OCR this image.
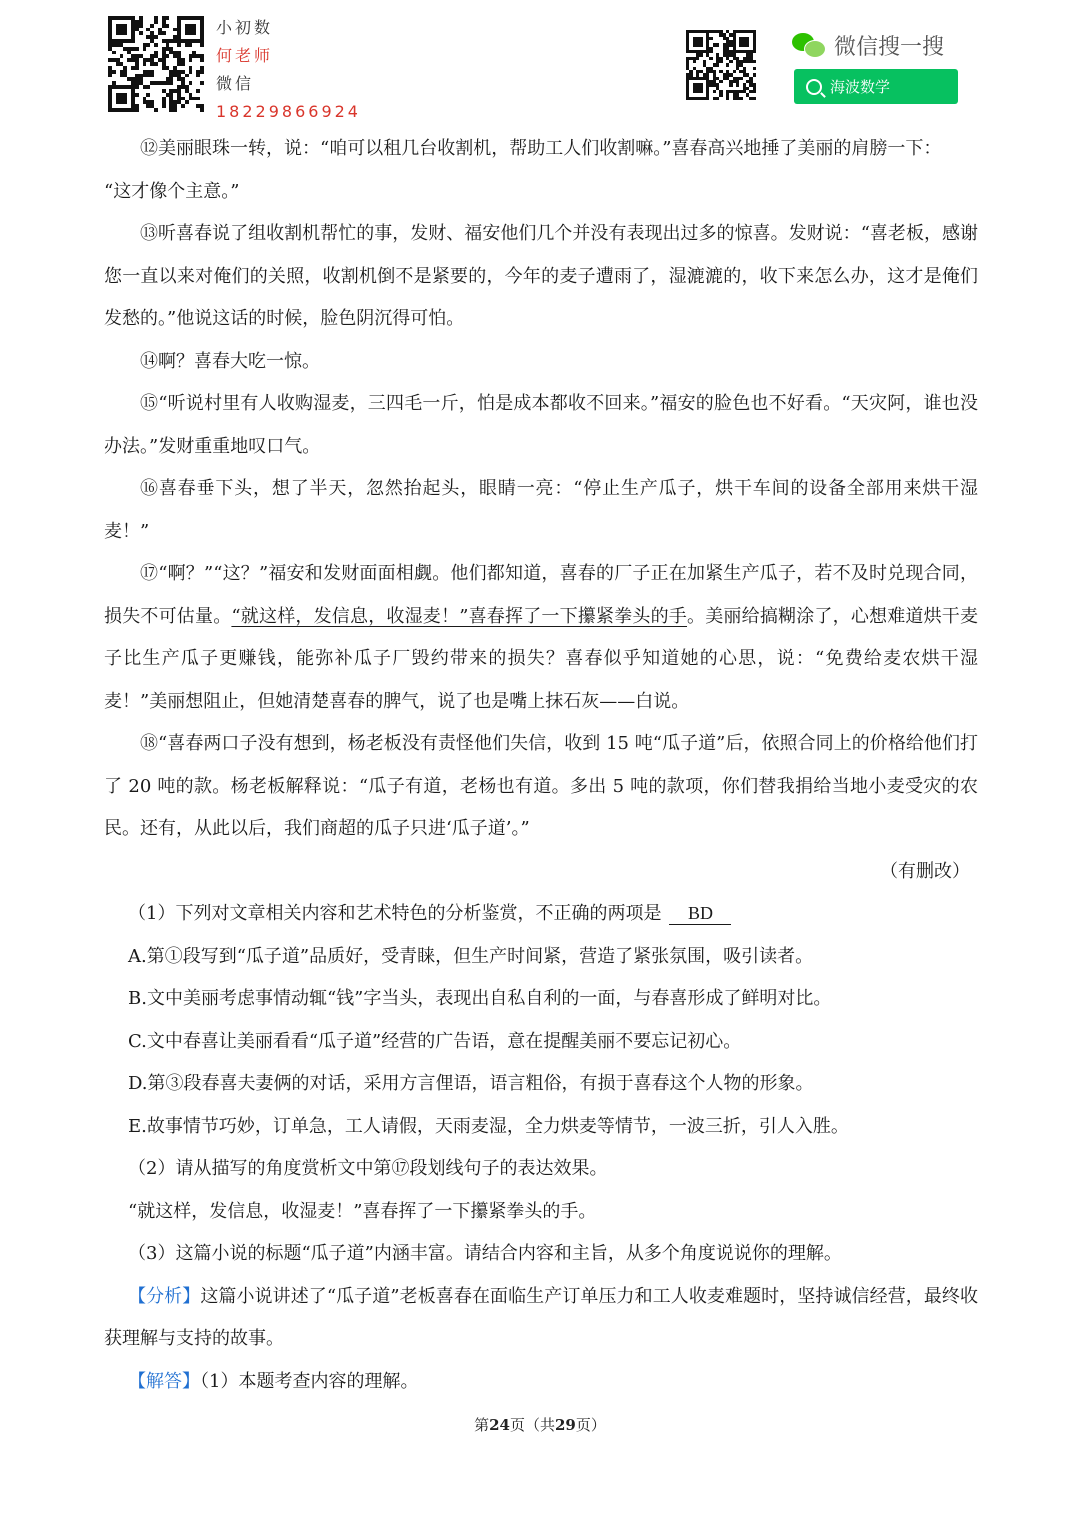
小初数
何老师
微信
18229866924
微信搜一搜
海波数学

⑫美丽眼珠一转，说：“咱可以租几台收割机，帮助工人们收割嘛。”喜春高兴地捶了美丽的肩膀一下：

“这才像个主意。”

⑬听喜春说了组收割机帮忙的事，发财、福安他们几个并没有表现出过多的惊喜。发财说：“喜老板，感谢您一直以来对俺们的关照，收割机倒不是紧要的，今年的麦子遭雨了，湿漉漉的，收下来怎么办，这才是俺们发愁的。”他说这话的时候，脸色阴沉得可怕。

⑭啊？喜春大吃一惊。

⑮“听说村里有人收购湿麦，三四毛一斤，怕是成本都收不回来。”福安的脸色也不好看。“天灾阿，谁也没办法。”发财重重地叹口气。

⑯喜春垂下头，想了半天，忽然抬起头，眼睛一亮：“停止生产瓜子，烘干车间的设备全部用来烘干湿麦！”

⑰“啊？”“这？”福安和发财面面相觑。他们都知道，喜春的厂子正在加紧生产瓜子，若不及时兑现合同，损失不可估量。“就这样，发信息，收湿麦！”喜春挥了一下攥紧拳头的手。美丽给搞糊涂了，心想难道烘干麦子比生产瓜子更赚钱，能弥补瓜子厂毁约带来的损失？喜春似乎知道她的心思，说：“免费给麦农烘干湿麦！”美丽想阻止，但她清楚喜春的脾气，说了也是嘴上抹石灰——白说。

⑱“喜春两口子没有想到，杨老板没有责怪他们失信，收到 15 吨“瓜子道”后，依照合同上的价格给他们打了 20 吨的款。杨老板解释说：“瓜子有道，老杨也有道。多出 5 吨的款项，你们替我捐给当地小麦受灾的农民。还有，从此以后，我们商超的瓜子只进‘瓜子道’。”

（有删改）

（1）下列对文章相关内容和艺术特色的分析鉴赏，不正确的两项是 BD

A.第①段写到“瓜子道”品质好，受青睐，但生产时间紧，营造了紧张氛围，吸引读者。

B.文中美丽考虑事情动辄“钱”字当头，表现出自私自利的一面，与春喜形成了鲜明对比。

C.文中春喜让美丽看看“瓜子道”经营的广告语，意在提醒美丽不要忘记初心。

D.第③段春喜夫妻俩的对话，采用方言俚语，语言粗俗，有损于喜春这个人物的形象。

E.故事情节巧妙，订单急，工人请假，天雨麦湿，全力烘麦等情节，一波三折，引人入胜。

（2）请从描写的角度赏析文中第⑰段划线句子的表达效果。

“就这样，发信息，收湿麦！”喜春挥了一下攥紧拳头的手。

（3）这篇小说的标题“瓜子道”内涵丰富。请结合内容和主旨，从多个角度说说你的理解。

【分析】这篇小说讲述了“瓜子道”老板喜春在面临生产订单压力和工人收麦难题时，坚持诚信经营，最终收获理解与支持的故事。

【解答】（1）本题考查内容的理解。

第24页（共29页）
